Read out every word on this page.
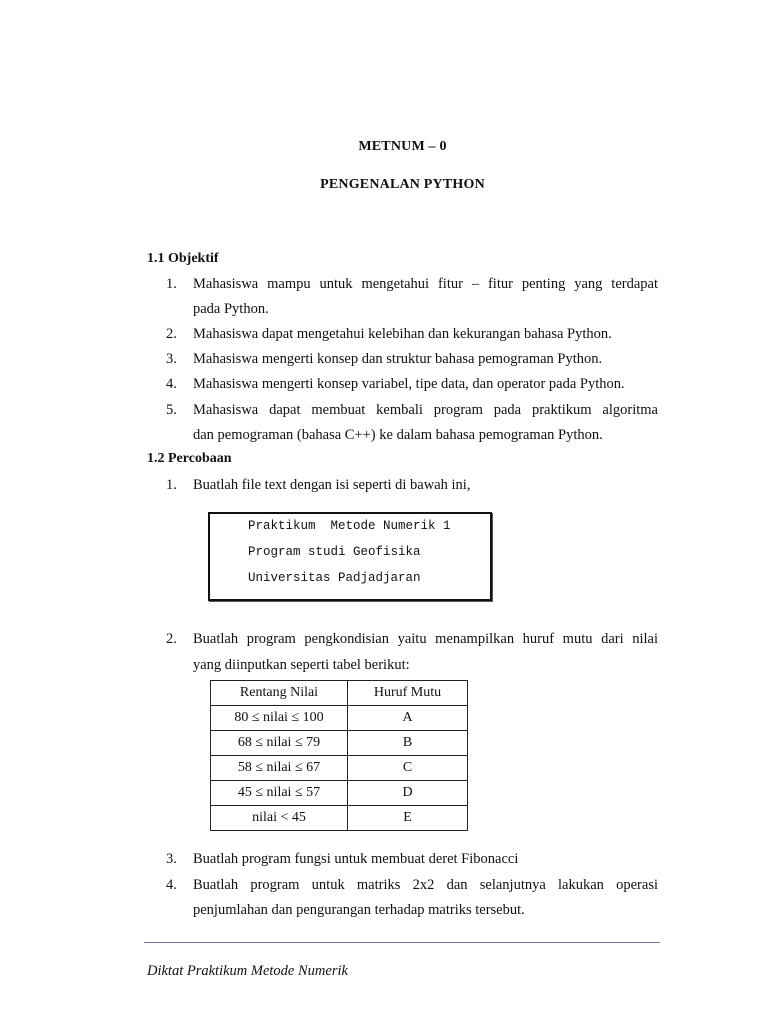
METNUM – 0
PENGENALAN PYTHON
1.1 Objektif
1.	Mahasiswa mampu untuk mengetahui fitur – fitur penting yang terdapat
pada Python.
2.	Mahasiswa dapat mengetahui kelebihan dan kekurangan bahasa Python.
3.	Mahasiswa mengerti konsep dan struktur bahasa pemograman Python.
4.	Mahasiswa mengerti konsep variabel, tipe data, dan operator pada Python.
5.	Mahasiswa dapat membuat kembali program pada praktikum algoritma
dan pemograman (bahasa C++) ke dalam bahasa pemograman Python.
1.2 Percobaan
1.	Buatlah file text dengan isi seperti di bawah ini,
Praktikum  Metode Numerik 1
Program studi Geofisika
Universitas Padjadjaran
2.	Buatlah program pengkondisian yaitu menampilkan huruf mutu dari nilai
yang diinputkan seperti tabel berikut:
Rentang Nilai	Huruf Mutu
80 ≤ nilai ≤ 100	A
68 ≤ nilai ≤ 79	B
58 ≤ nilai ≤ 67	C
45 ≤ nilai ≤ 57	D
nilai < 45	E
3.	Buatlah program fungsi untuk membuat deret Fibonacci
4.	Buatlah program untuk matriks 2x2 dan selanjutnya lakukan operasi
penjumlahan dan pengurangan terhadap matriks tersebut.
Diktat Praktikum Metode Numerik
